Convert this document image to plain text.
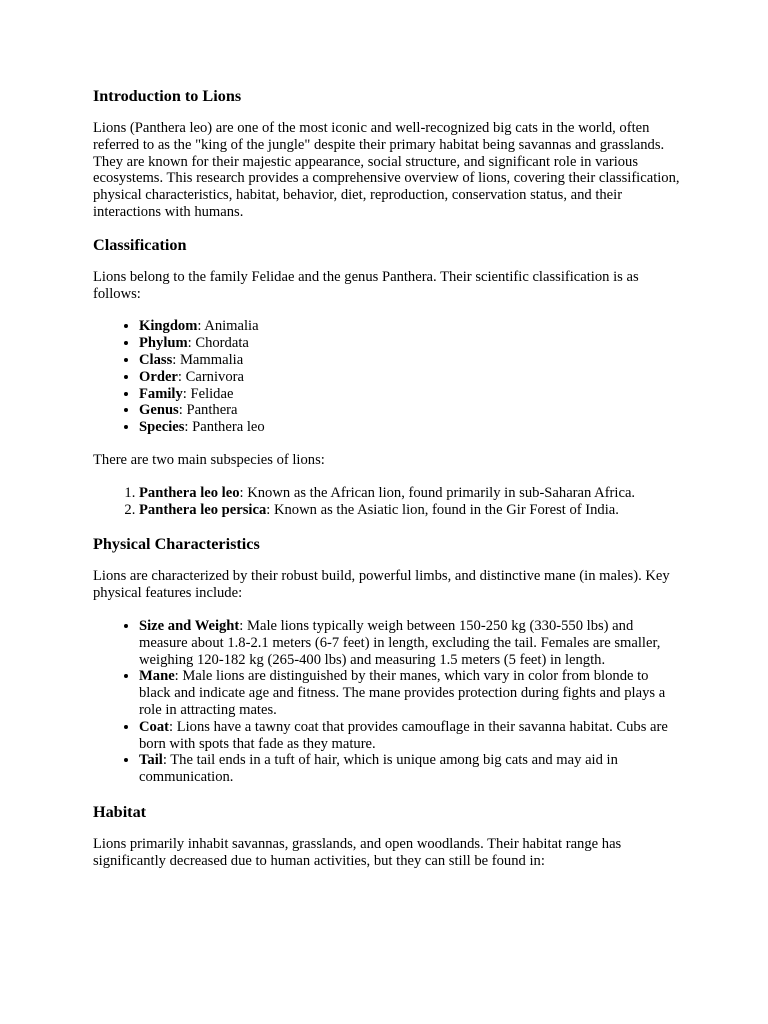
Introduction to Lions

Lions (Panthera leo) are one of the most iconic and well-recognized big cats in the world, often referred to as the "king of the jungle" despite their primary habitat being savannas and grasslands. They are known for their majestic appearance, social structure, and significant role in various ecosystems. This research provides a comprehensive overview of lions, covering their classification, physical characteristics, habitat, behavior, diet, reproduction, conservation status, and their interactions with humans.

Classification

Lions belong to the family Felidae and the genus Panthera. Their scientific classification is as follows:

• Kingdom: Animalia
• Phylum: Chordata
• Class: Mammalia
• Order: Carnivora
• Family: Felidae
• Genus: Panthera
• Species: Panthera leo

There are two main subspecies of lions:

1. Panthera leo leo: Known as the African lion, found primarily in sub-Saharan Africa.
2. Panthera leo persica: Known as the Asiatic lion, found in the Gir Forest of India.
Physical Characteristics

Lions are characterized by their robust build, powerful limbs, and distinctive mane (in males). Key physical features include:

• Size and Weight: Male lions typically weigh between 150-250 kg (330-550 lbs) and measure about 1.8-2.1 meters (6-7 feet) in length, excluding the tail. Females are smaller, weighing 120-182 kg (265-400 lbs) and measuring 1.5 meters (5 feet) in length.
• Mane: Male lions are distinguished by their manes, which vary in color from blonde to black and indicate age and fitness. The mane provides protection during fights and plays a role in attracting mates.
• Coat: Lions have a tawny coat that provides camouflage in their savanna habitat. Cubs are born with spots that fade as they mature.
• Tail: The tail ends in a tuft of hair, which is unique among big cats and may aid in communication.
Habitat

Lions primarily inhabit savannas, grasslands, and open woodlands. Their habitat range has significantly decreased due to human activities, but they can still be found in:
